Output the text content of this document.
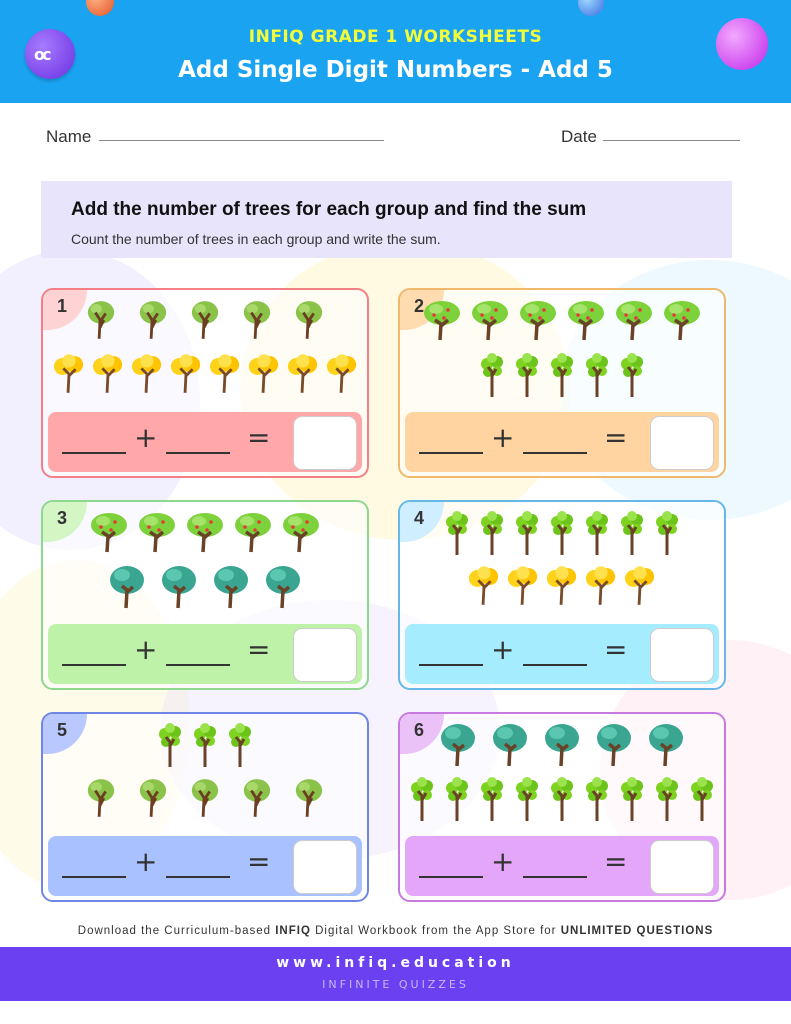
oc
INFIQ GRADE 1 WORKSHEETS
Add Single Digit Numbers - Add 5
Name	Date
Add the number of trees for each group and find the sum
Count the number of trees in each group and write the sum.
1
+	=
2
+	=
3
+	=
4
+	=
5
+	=
6
+	=
Download the Curriculum-based INFIQ Digital Workbook from the App Store for UNLIMITED QUESTIONS
www.infiq.education
INFINITE QUIZZES
